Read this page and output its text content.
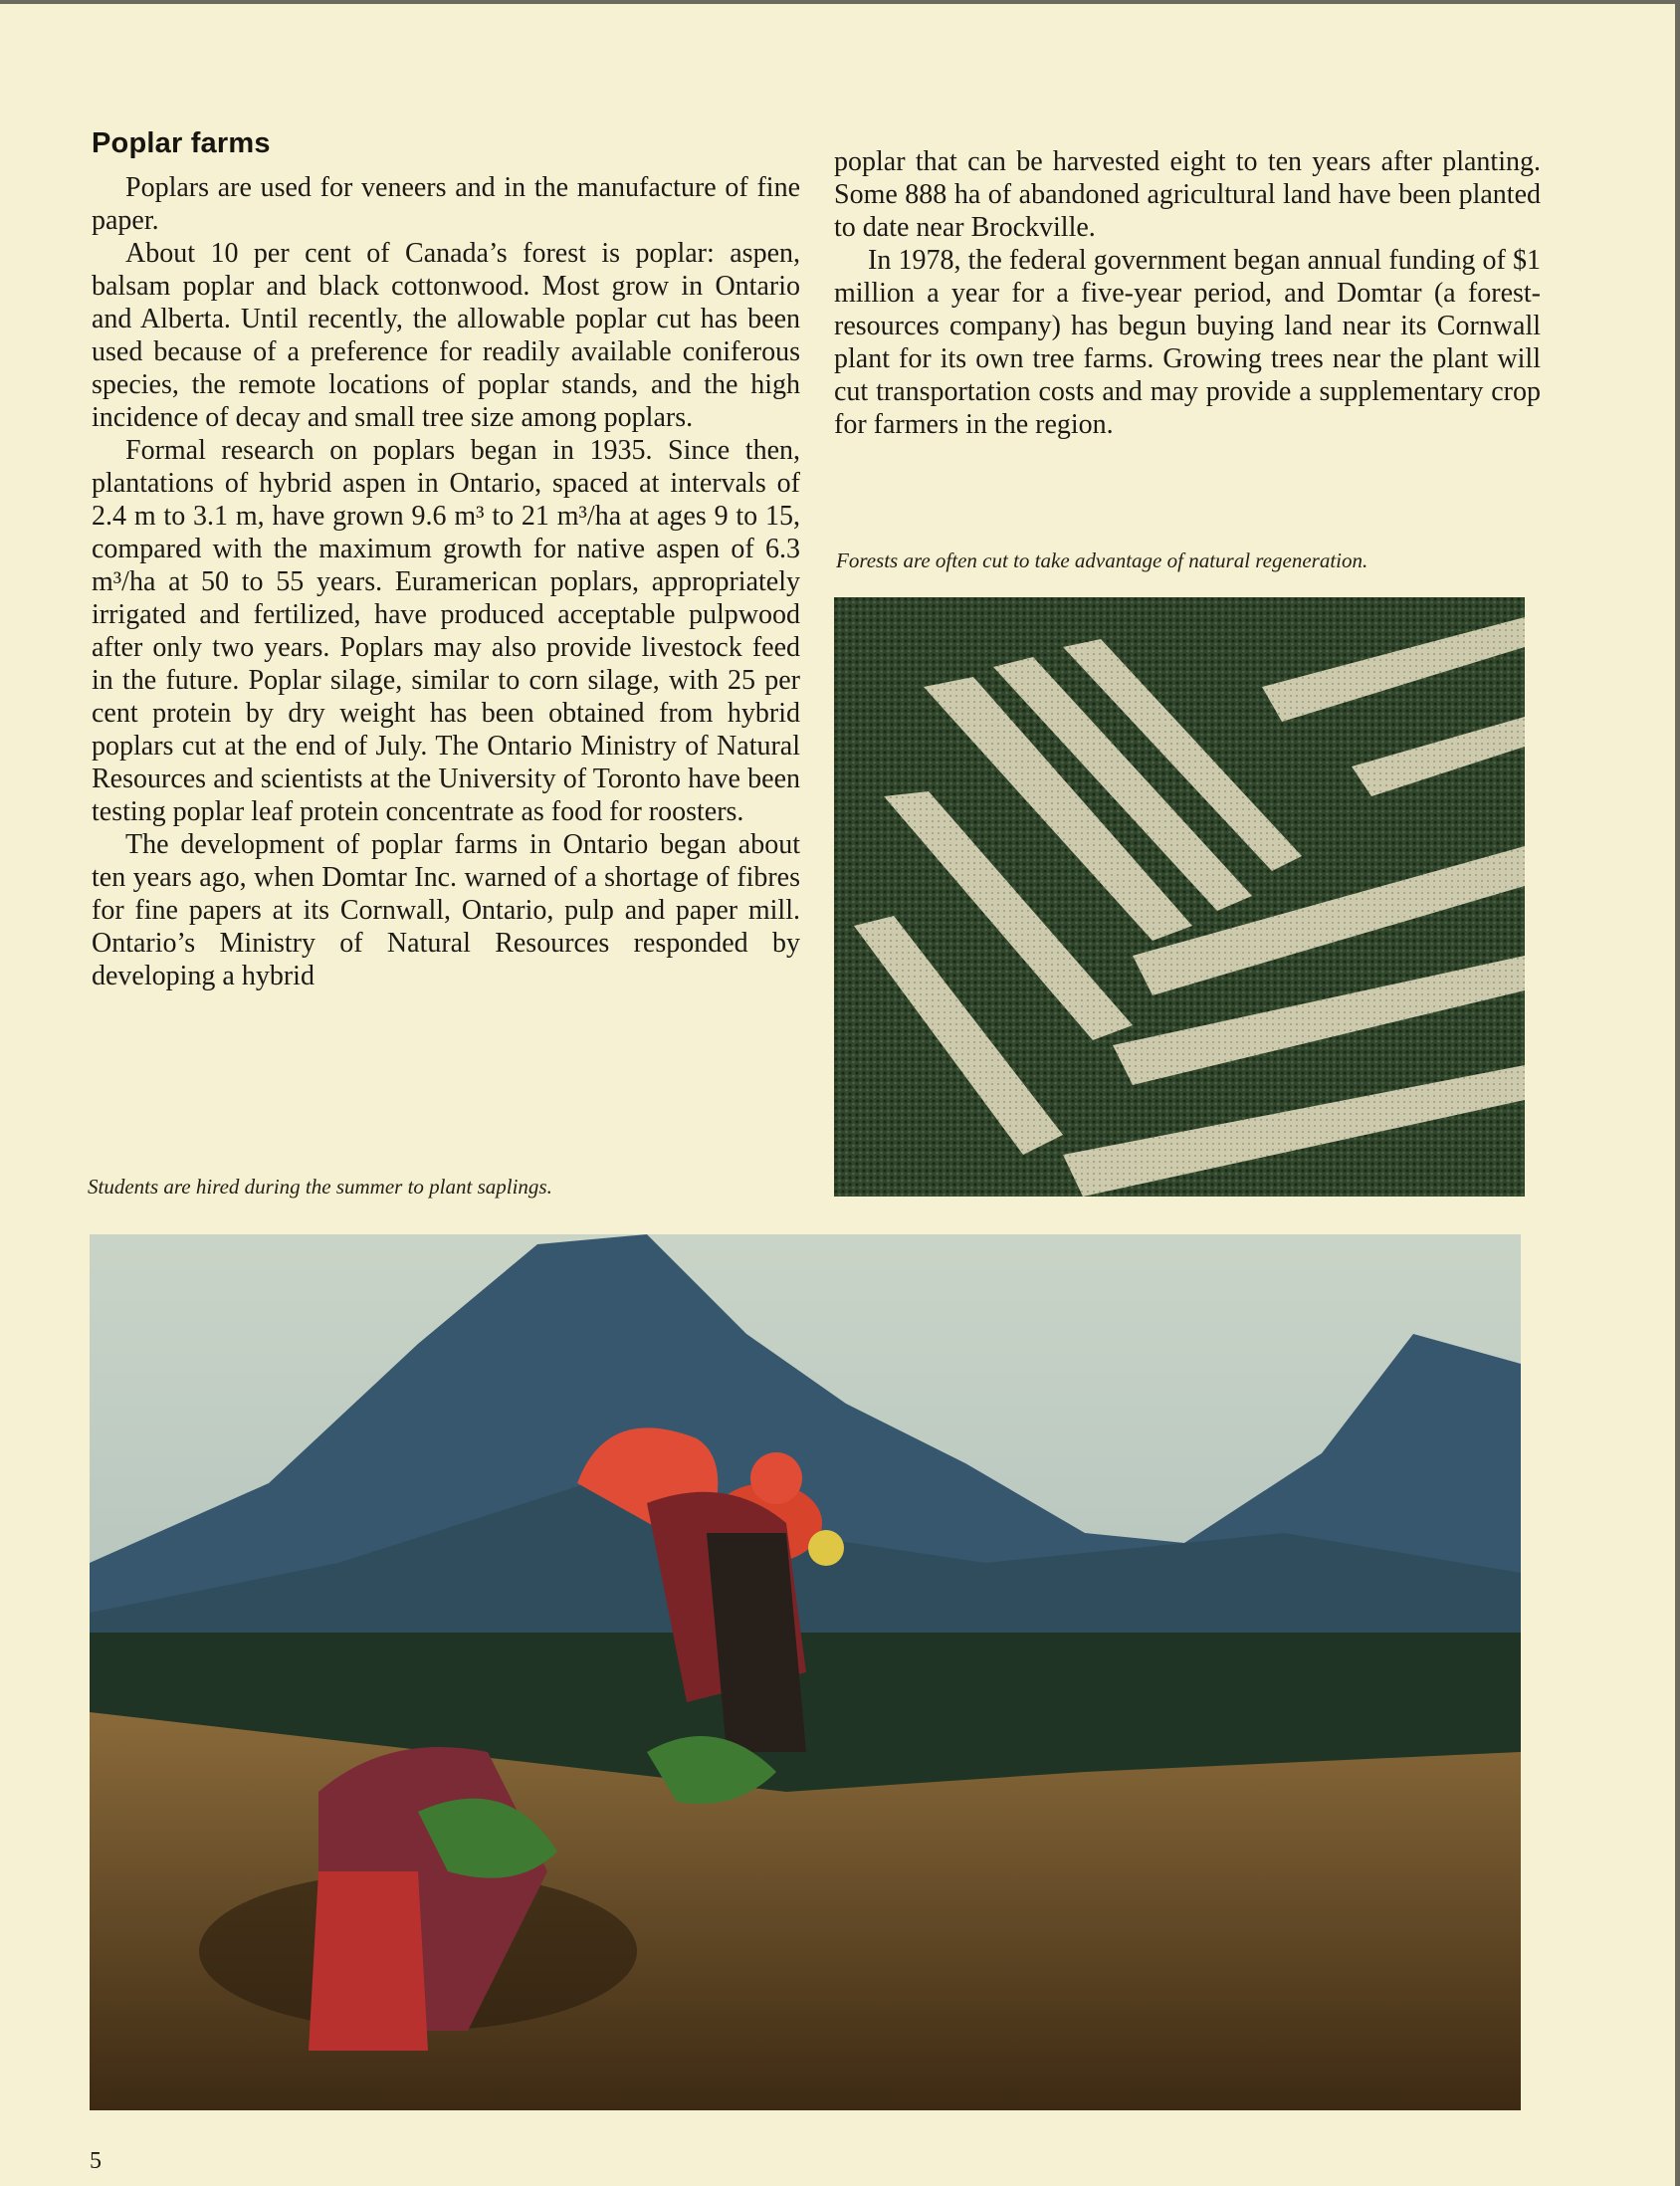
Poplar farms

Poplars are used for veneers and in the manufacture of fine paper.

About 10 per cent of Canada’s forest is poplar: aspen, balsam poplar and black cottonwood. Most grow in Ontario and Alberta. Until recently, the allowable poplar cut has been used because of a preference for readily available coniferous species, the remote locations of poplar stands, and the high incidence of decay and small tree size among poplars.

Formal research on poplars began in 1935. Since then, plantations of hybrid aspen in Ontario, spaced at intervals of 2.4 m to 3.1 m, have grown 9.6 m³ to 21 m³/ha at ages 9 to 15, compared with the maximum growth for native aspen of 6.3 m³/ha at 50 to 55 years. Euramerican poplars, appropriately irrigated and fertilized, have produced acceptable pulpwood after only two years. Poplars may also provide livestock feed in the future. Poplar silage, similar to corn silage, with 25 per cent protein by dry weight has been obtained from hybrid poplars cut at the end of July. The Ontario Ministry of Natural Resources and scientists at the University of Toronto have been testing poplar leaf protein concentrate as food for roosters.

The development of poplar farms in Ontario began about ten years ago, when Domtar Inc. warned of a shortage of fibres for fine papers at its Cornwall, Ontario, pulp and paper mill. Ontario’s Ministry of Natural Resources responded by developing a hybrid

poplar that can be harvested eight to ten years after planting. Some 888 ha of abandoned agricultural land have been planted to date near Brockville.

In 1978, the federal government began annual funding of $1 million a year for a five-year period, and Domtar (a forest-resources company) has begun buying land near its Cornwall plant for its own tree farms. Growing trees near the plant will cut transportation costs and may provide a supplementary crop for farmers in the region.

Forests are often cut to take advantage of natural regeneration.
Students are hired during the summer to plant saplings.
5
